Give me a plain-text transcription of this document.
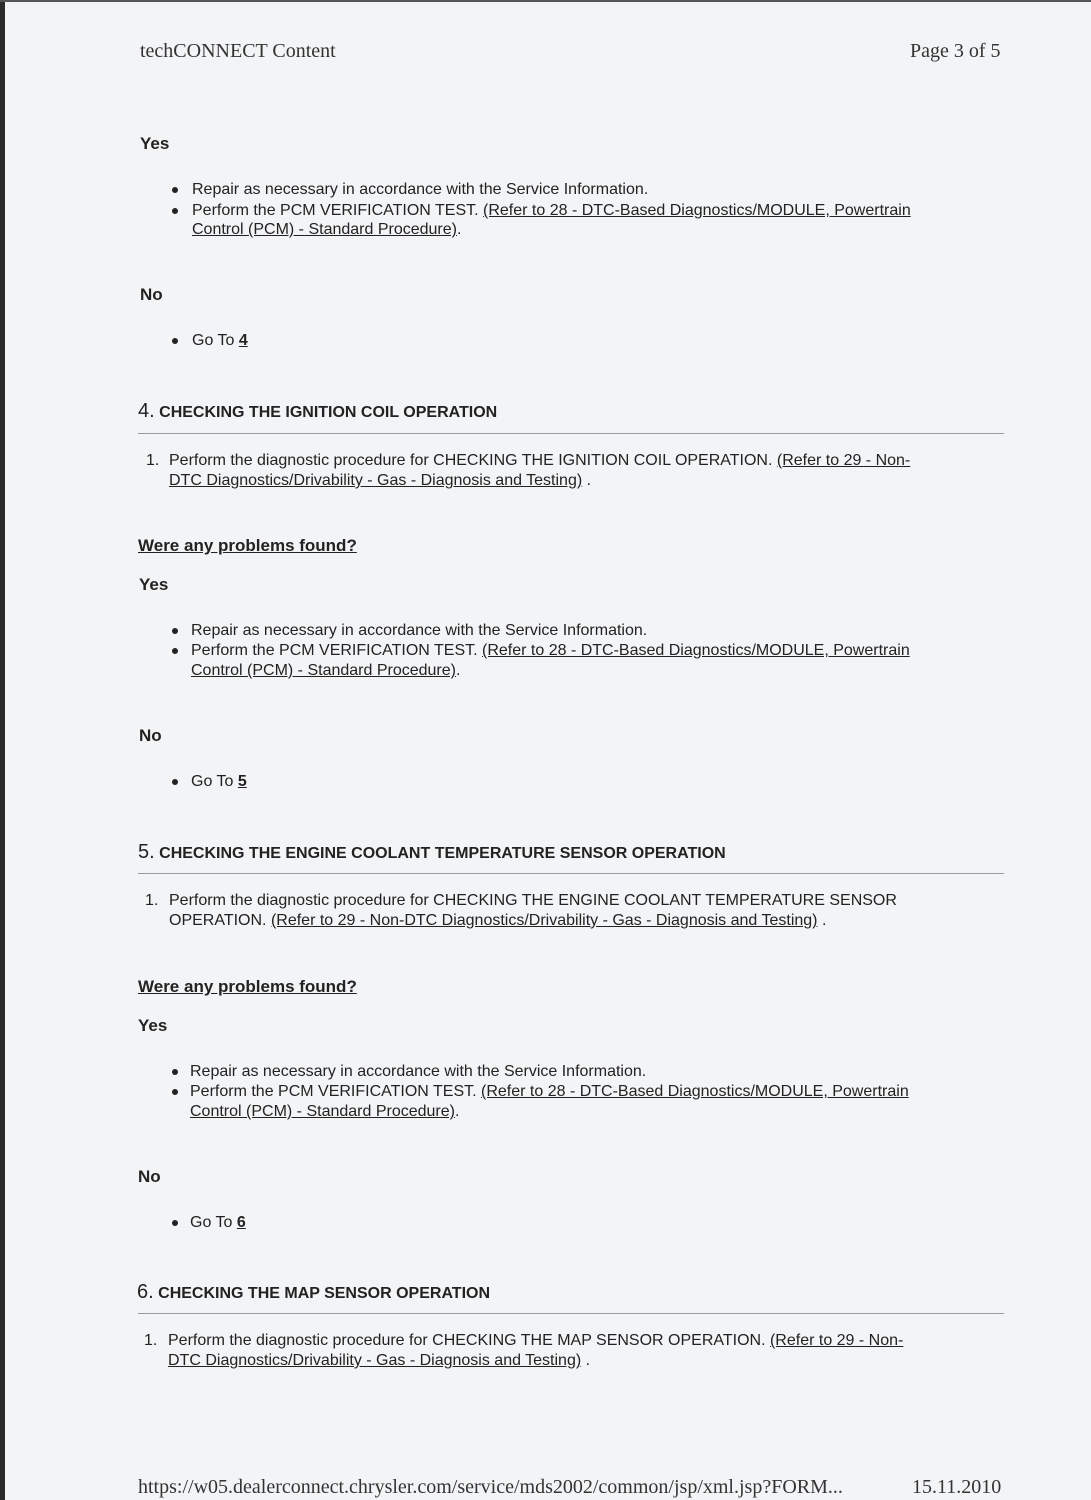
techCONNECT Content	Page 3 of 5
Yes
Repair as necessary in accordance with the Service Information.
Perform the PCM VERIFICATION TEST. (Refer to 28 - DTC-Based Diagnostics/MODULE, Powertrain
Control (PCM) - Standard Procedure).
No
Go To 4
4. CHECKING THE IGNITION COIL OPERATION
1. Perform the diagnostic procedure for CHECKING THE IGNITION COIL OPERATION. (Refer to 29 - Non-
DTC Diagnostics/Drivability - Gas - Diagnosis and Testing) .
Were any problems found?
Yes
Repair as necessary in accordance with the Service Information.
Perform the PCM VERIFICATION TEST. (Refer to 28 - DTC-Based Diagnostics/MODULE, Powertrain
Control (PCM) - Standard Procedure).
No
Go To 5
5. CHECKING THE ENGINE COOLANT TEMPERATURE SENSOR OPERATION
1. Perform the diagnostic procedure for CHECKING THE ENGINE COOLANT TEMPERATURE SENSOR
OPERATION. (Refer to 29 - Non-DTC Diagnostics/Drivability - Gas - Diagnosis and Testing) .
Were any problems found?
Yes
Repair as necessary in accordance with the Service Information.
Perform the PCM VERIFICATION TEST. (Refer to 28 - DTC-Based Diagnostics/MODULE, Powertrain
Control (PCM) - Standard Procedure).
No
Go To 6
6. CHECKING THE MAP SENSOR OPERATION
1. Perform the diagnostic procedure for CHECKING THE MAP SENSOR OPERATION. (Refer to 29 - Non-
DTC Diagnostics/Drivability - Gas - Diagnosis and Testing) .
https://w05.dealerconnect.chrysler.com/service/mds2002/common/jsp/xml.jsp?FORM...	15.11.2010
